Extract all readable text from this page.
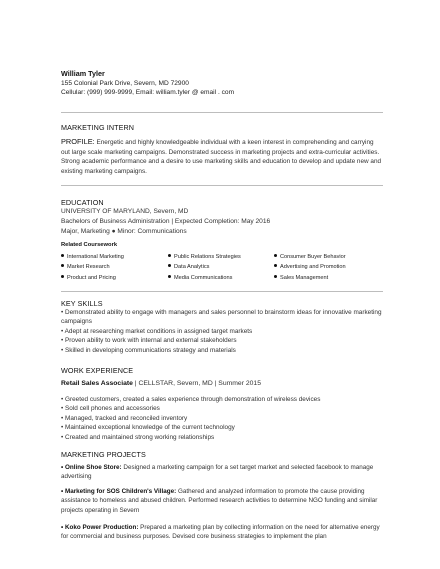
William Tyler
155 Colonial Park Drive, Severn, MD 72900
Cellular: (999) 999-9999, Email: william.tyler @ email . com
MARKETING INTERN
PROFILE: Energetic and highly knowledgeable individual with a keen interest in comprehending and carrying out large scale marketing campaigns. Demonstrated success in marketing projects and extra-curricular activities. Strong academic performance and a desire to use marketing skills and education to develop and update new and existing marketing campaigns.
EDUCATION
UNIVERSITY OF MARYLAND, Severn, MD
Bachelors of Business Administration | Expected Completion: May 2016
Major, Marketing ● Minor: Communications
Related Coursework
International Marketing
Market Research
Product and Pricing
Public Relations Strategies
Data Analytics
Media Communications
Consumer Buyer Behavior
Advertising and Promotion
Sales Management
KEY SKILLS
• Demonstrated ability to engage with managers and sales personnel to brainstorm ideas for innovative marketing campaigns
• Adept at researching market conditions in assigned target markets
• Proven ability to work with internal and external stakeholders
• Skilled in developing communications strategy and materials
WORK EXPERIENCE
Retail Sales Associate | CELLSTAR, Severn, MD | Summer 2015
• Greeted customers, created a sales experience through demonstration of wireless devices
• Sold cell phones and accessories
• Managed, tracked and reconciled inventory
• Maintained exceptional knowledge of the current technology
• Created and maintained strong working relationships
MARKETING PROJECTS
• Online Shoe Store: Designed a marketing campaign for a set target market and selected facebook to manage advertising
• Marketing for SOS Children's Village: Gathered and analyzed information to promote the cause providing assistance to homeless and abused children. Performed research activities to determine NGO funding and similar projects operating in Severn
• Koko Power Production: Prepared a marketing plan by collecting information on the need for alternative energy for commercial and business purposes. Devised core business strategies to implement the plan
